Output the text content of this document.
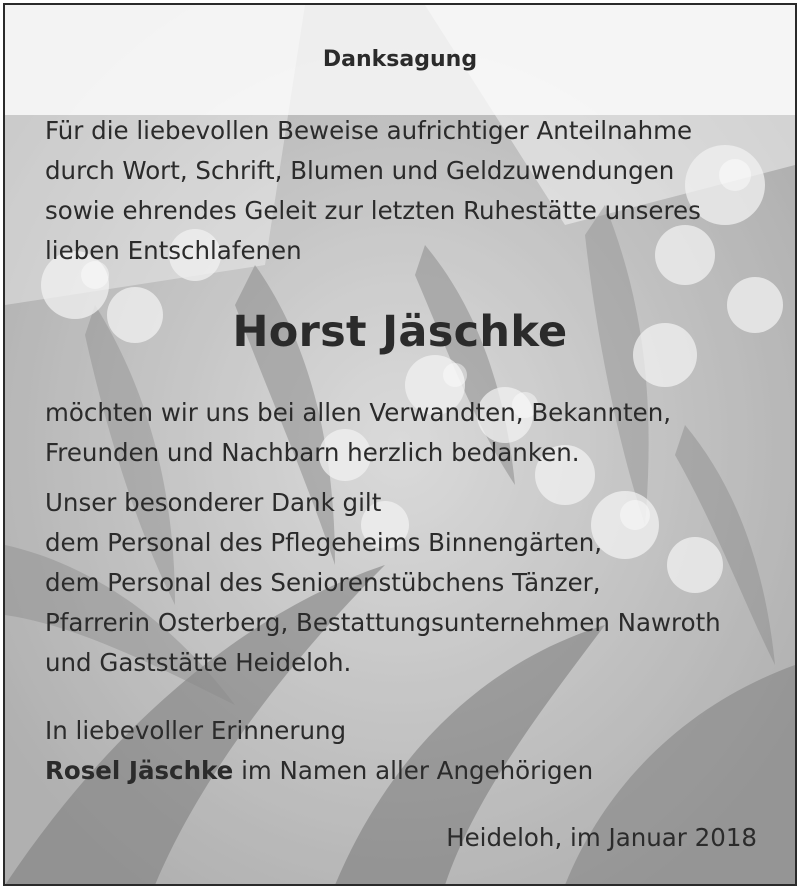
Danksagung
Für die liebevollen Beweise aufrichtiger Anteilnahme
durch Wort, Schrift, Blumen und Geldzuwendungen
sowie ehrendes Geleit zur letzten Ruhestätte unseres
lieben Entschlafenen
Horst Jäschke
möchten wir uns bei allen Verwandten, Bekannten,
Freunden und Nachbarn herzlich bedanken.
Unser besonderer Dank gilt
dem Personal des Pflegeheims Binnengärten,
dem Personal des Seniorenstübchens Tänzer,
Pfarrerin Osterberg, Bestattungsunternehmen Nawroth
und Gaststätte Heideloh.
In liebevoller Erinnerung
Rosel Jäschke im Namen aller Angehörigen
Heideloh, im Januar 2018
